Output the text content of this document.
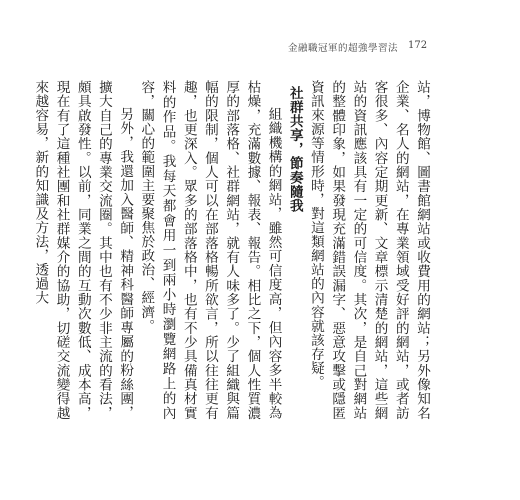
金融職冠軍的超強學習法 172

站，博物館、圖書館網站或收費用的網站；另外像知名企業、名人的網站，在專業領域受好評的網站，或者訪客很多、內容定期更新、文章標示清楚的網站，這些網站的資訊應該具有一定的可信度。其次，是自己對網站的整體印象，如果發現充滿錯誤漏字、惡意攻擊或隱匿資訊來源等情形時，對這類網站的內容就該存疑。

社群共享，節奏隨我

組織機構的網站，雖然可信度高，但內容多半較為枯燥，充滿數據、報表、報告。相比之下，個人性質濃厚的部落格、社群網站，就有人味多了。少了組織與篇幅的限制，個人可以在部落格暢所欲言，所以往往更有趣，也更深入。眾多的部落格中，也有不少具備真材實料的作品。我每天都會用一到兩小時瀏覽網路上的內容，關心的範圍主要聚焦於政治、經濟。

另外，我還加入醫師、精神科醫師專屬的粉絲團，擴大自己的專業交流圈。其中也有不少非主流的看法，頗具啟發性。以前，同業之間的互動次數低、成本高，現在有了這種社團和社群媒介的協助，切磋交流變得越來越容易，新的知識及方法，透過大
